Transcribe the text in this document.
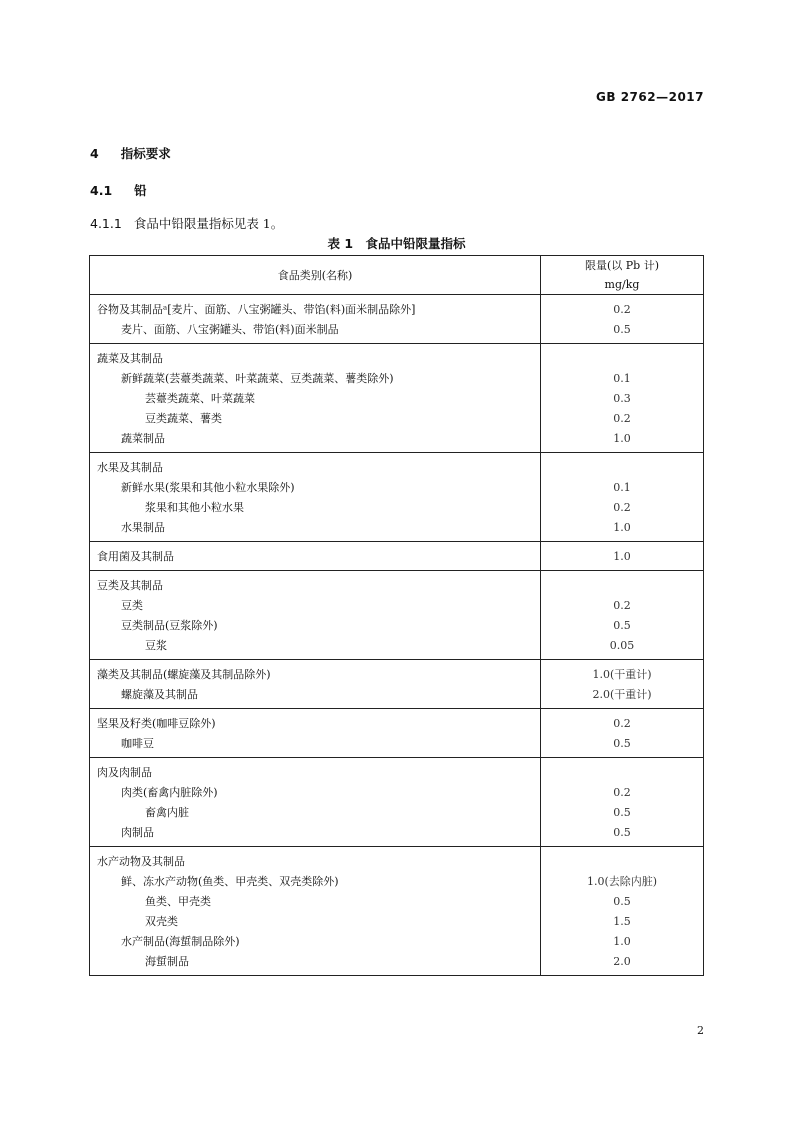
GB 2762—2017
4 指标要求
4.1 铅
4.1.1 食品中铅限量指标见表 1。
表 1　食品中铅限量指标
食品类别(名称)	限量(以 Pb 计)
mg/kg

谷物及其制品ᵃ[麦片、面筋、八宝粥罐头、带馅(料)面米制品除外]	0.2
麦片、面筋、八宝粥罐头、带馅(料)面米制品	0.5
蔬菜及其制品	
新鲜蔬菜(芸薹类蔬菜、叶菜蔬菜、豆类蔬菜、薯类除外)	0.1
芸薹类蔬菜、叶菜蔬菜	0.3
豆类蔬菜、薯类	0.2
蔬菜制品	1.0
水果及其制品	
新鲜水果(浆果和其他小粒水果除外)	0.1
浆果和其他小粒水果	0.2
水果制品	1.0
食用菌及其制品	1.0
豆类及其制品	
豆类	0.2
豆类制品(豆浆除外)	0.5
豆浆	0.05
藻类及其制品(螺旋藻及其制品除外)	1.0(干重计)
螺旋藻及其制品	2.0(干重计)
坚果及籽类(咖啡豆除外)	0.2
咖啡豆	0.5
肉及肉制品	
肉类(畜禽内脏除外)	0.2
畜禽内脏	0.5
肉制品	0.5
水产动物及其制品	
鲜、冻水产动物(鱼类、甲壳类、双壳类除外)	1.0(去除内脏)
鱼类、甲壳类	0.5
双壳类	1.5
水产制品(海蜇制品除外)	1.0
海蜇制品	2.0
2
